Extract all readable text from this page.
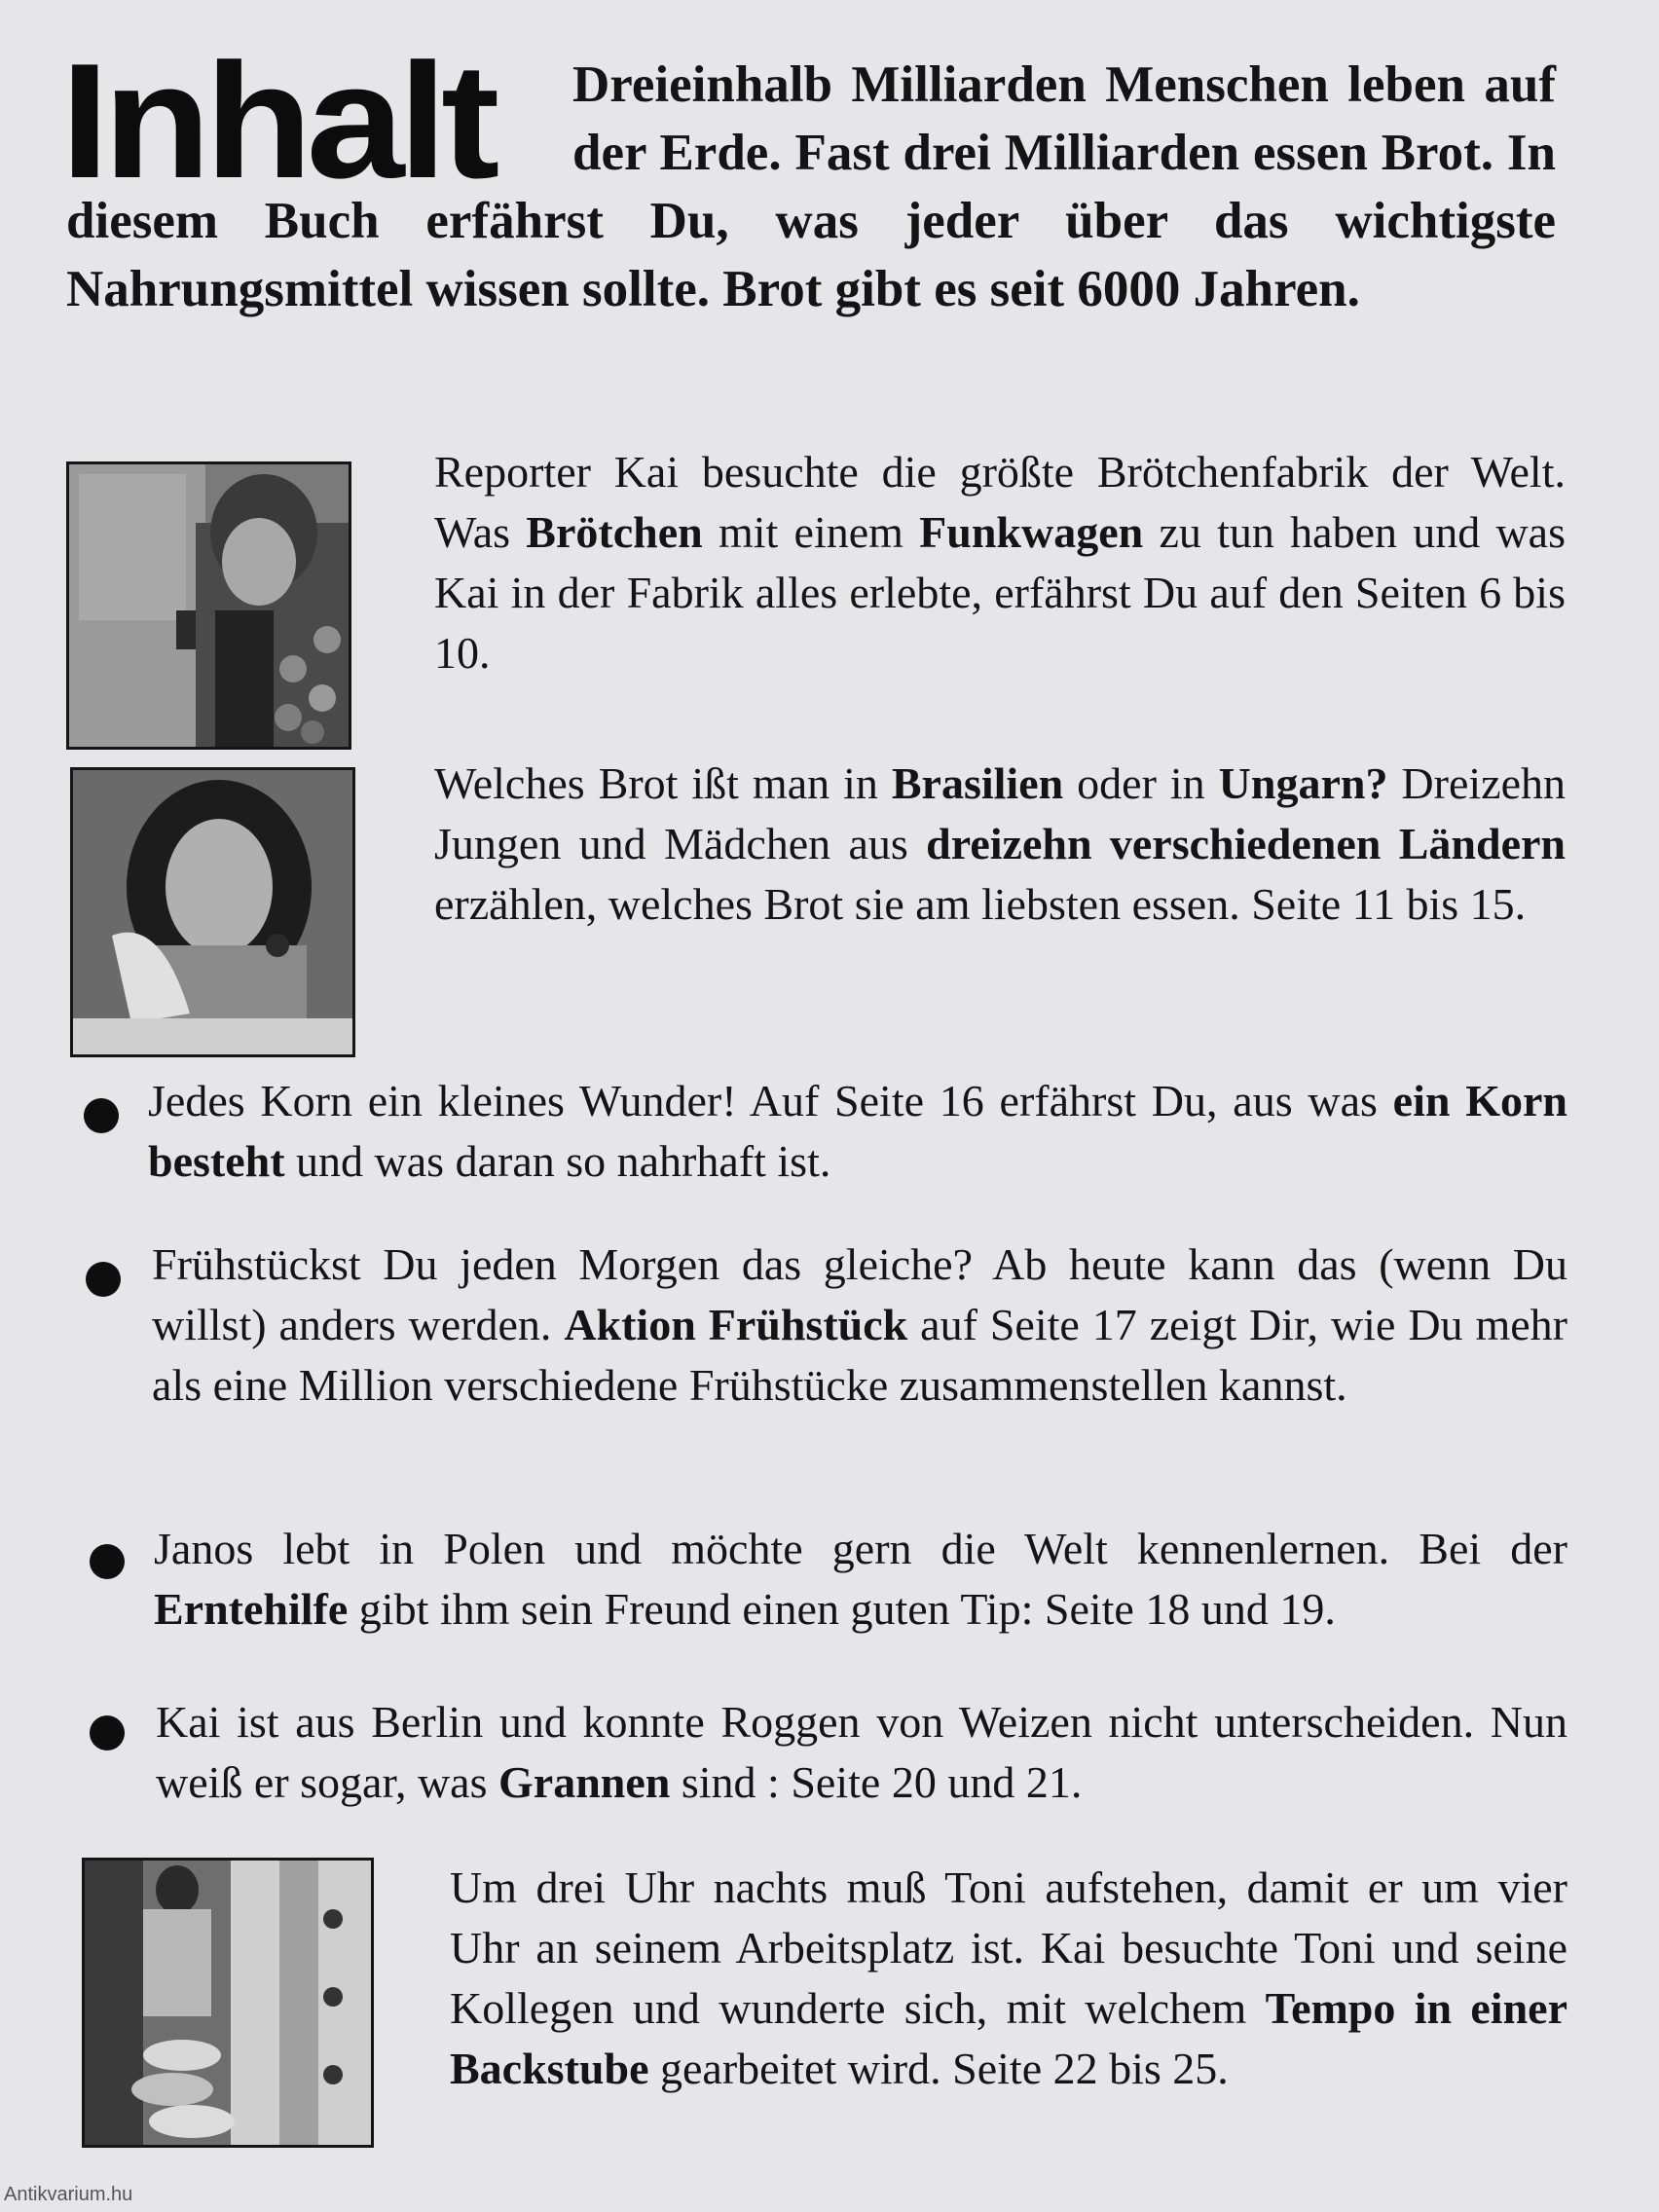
Inhalt	Dreieinhalb Milliarden Menschen leben auf der Erde. Fast drei Milliarden essen Brot. In diesem Buch erfährst Du, was jeder über das wichtigste Nahrungsmittel wissen sollte. Brot gibt es seit 6000 Jahren.

Reporter Kai besuchte die größte Brötchenfabrik der Welt. Was Brötchen mit einem Funkwagen zu tun haben und was Kai in der Fabrik alles erlebte, erfährst Du auf den Seiten 6 bis 10.

Welches Brot ißt man in Brasilien oder in Ungarn? Dreizehn Jungen und Mädchen aus dreizehn verschiedenen Ländern erzählen, welches Brot sie am liebsten essen. Seite 11 bis 15.

Jedes Korn ein kleines Wunder! Auf Seite 16 erfährst Du, aus was ein Korn besteht und was daran so nahrhaft ist.

Frühstückst Du jeden Morgen das gleiche? Ab heute kann das (wenn Du willst) anders werden. Aktion Frühstück auf Seite 17 zeigt Dir, wie Du mehr als eine Million verschiedene Frühstücke zusammenstellen kannst.

Janos lebt in Polen und möchte gern die Welt kennenlernen. Bei der Erntehilfe gibt ihm sein Freund einen guten Tip: Seite 18 und 19.

Kai ist aus Berlin und konnte Roggen von Weizen nicht unterscheiden. Nun weiß er sogar, was Grannen sind : Seite 20 und 21.

Um drei Uhr nachts muß Toni aufstehen, damit er um vier Uhr an seinem Arbeitsplatz ist. Kai besuchte Toni und seine Kollegen und wunderte sich, mit welchem Tempo in einer Backstube gearbeitet wird. Seite 22 bis 25.

Antikvarium.hu
